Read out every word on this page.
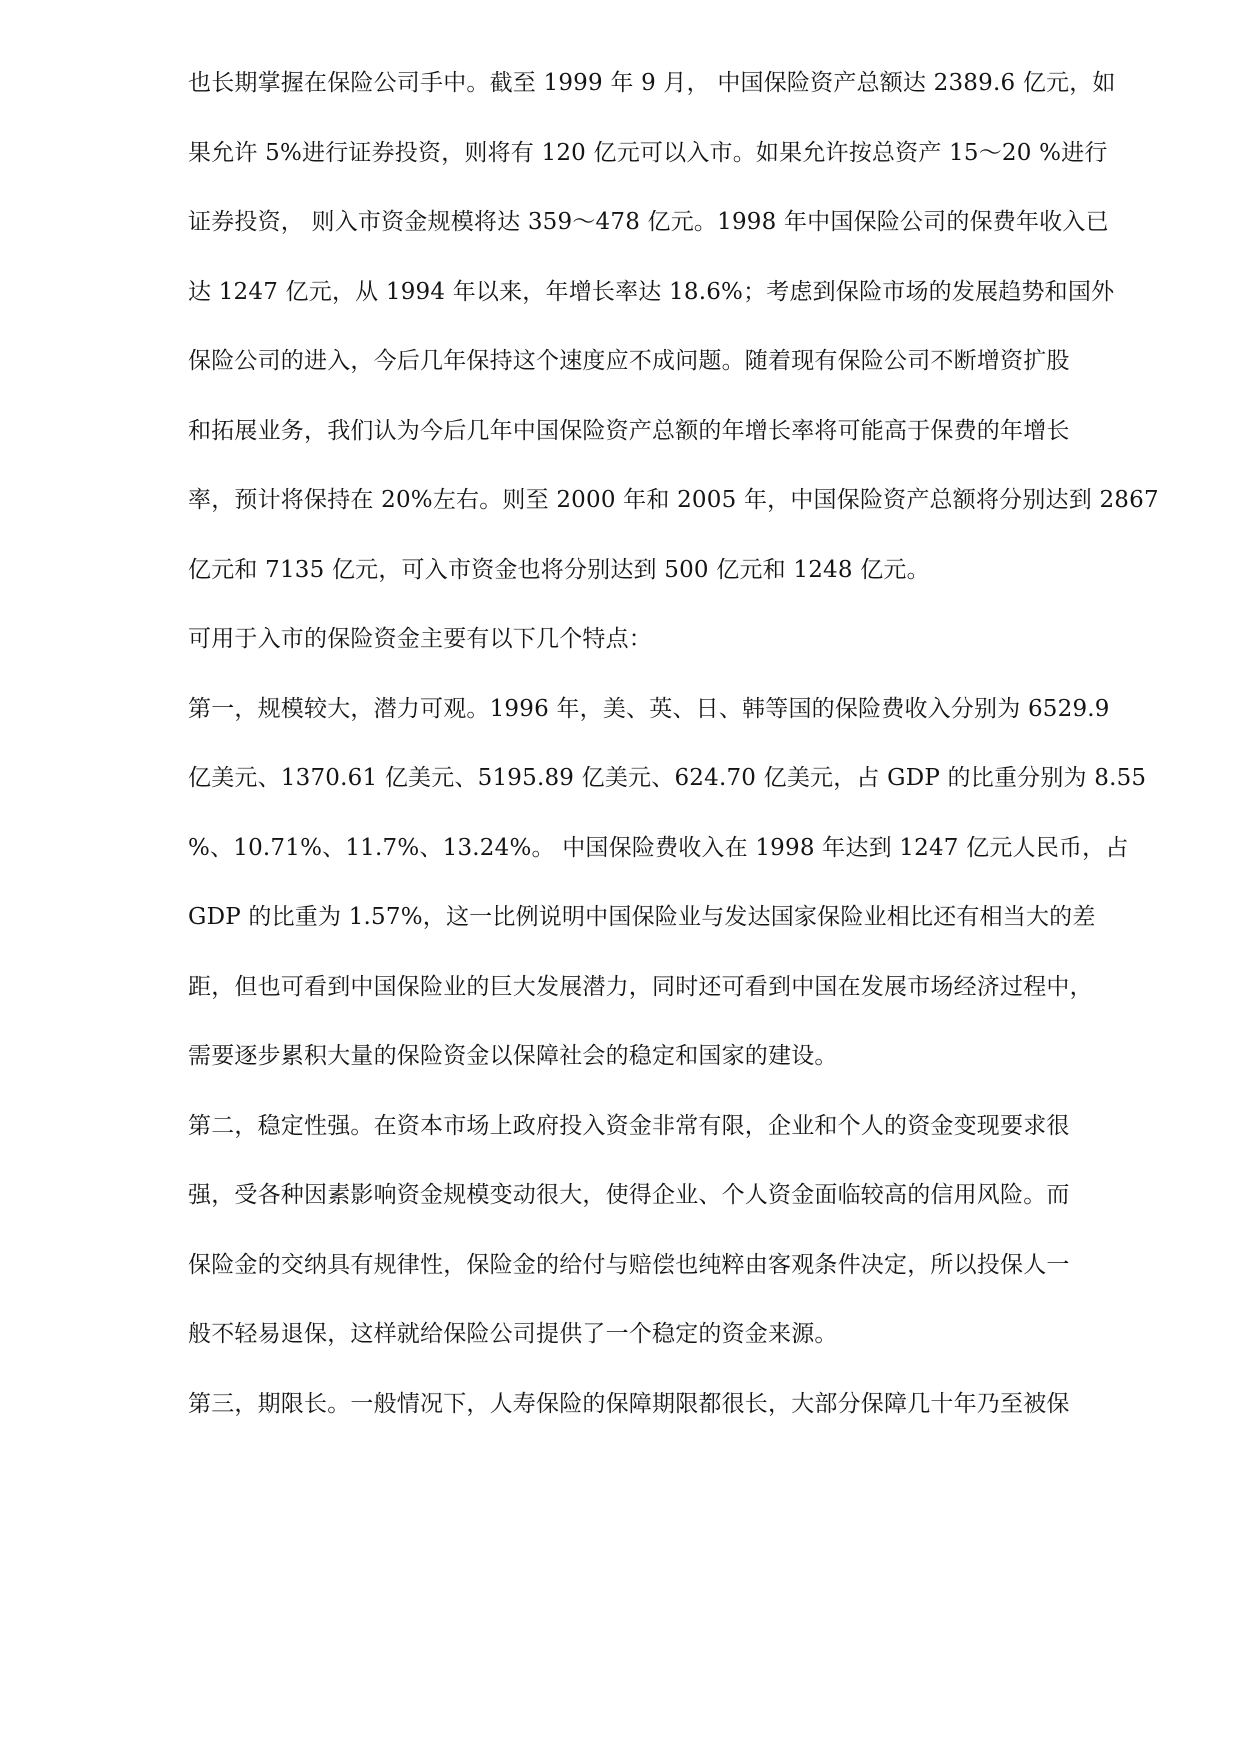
也长期掌握在保险公司手中。截至 1999 年 9 月， 中国保险资产总额达 2389.6 亿元，如
果允许 5%进行证券投资，则将有 120 亿元可以入市。如果允许按总资产 15～20 %进行
证券投资， 则入市资金规模将达 359～478 亿元。1998 年中国保险公司的保费年收入已
达 1247 亿元，从 1994 年以来，年增长率达 18.6%；考虑到保险市场的发展趋势和国外
保险公司的进入，今后几年保持这个速度应不成问题。随着现有保险公司不断增资扩股
和拓展业务，我们认为今后几年中国保险资产总额的年增长率将可能高于保费的年增长
率，预计将保持在 20%左右。则至 2000 年和 2005 年，中国保险资产总额将分别达到 2867
亿元和 7135 亿元，可入市资金也将分别达到 500 亿元和 1248 亿元。
可用于入市的保险资金主要有以下几个特点：
第一，规模较大，潜力可观。1996 年，美、英、日、韩等国的保险费收入分别为 6529.9
亿美元、1370.61 亿美元、5195.89 亿美元、624.70 亿美元，占 GDP 的比重分别为 8.55
%、10.71%、11.7%、13.24%。 中国保险费收入在 1998 年达到 1247 亿元人民币，占
GDP 的比重为 1.57%，这一比例说明中国保险业与发达国家保险业相比还有相当大的差
距，但也可看到中国保险业的巨大发展潜力，同时还可看到中国在发展市场经济过程中，
需要逐步累积大量的保险资金以保障社会的稳定和国家的建设。
第二，稳定性强。在资本市场上政府投入资金非常有限，企业和个人的资金变现要求很
强，受各种因素影响资金规模变动很大，使得企业、个人资金面临较高的信用风险。而
保险金的交纳具有规律性，保险金的给付与赔偿也纯粹由客观条件决定，所以投保人一
般不轻易退保，这样就给保险公司提供了一个稳定的资金来源。
第三，期限长。一般情况下，人寿保险的保障期限都很长，大部分保障几十年乃至被保
